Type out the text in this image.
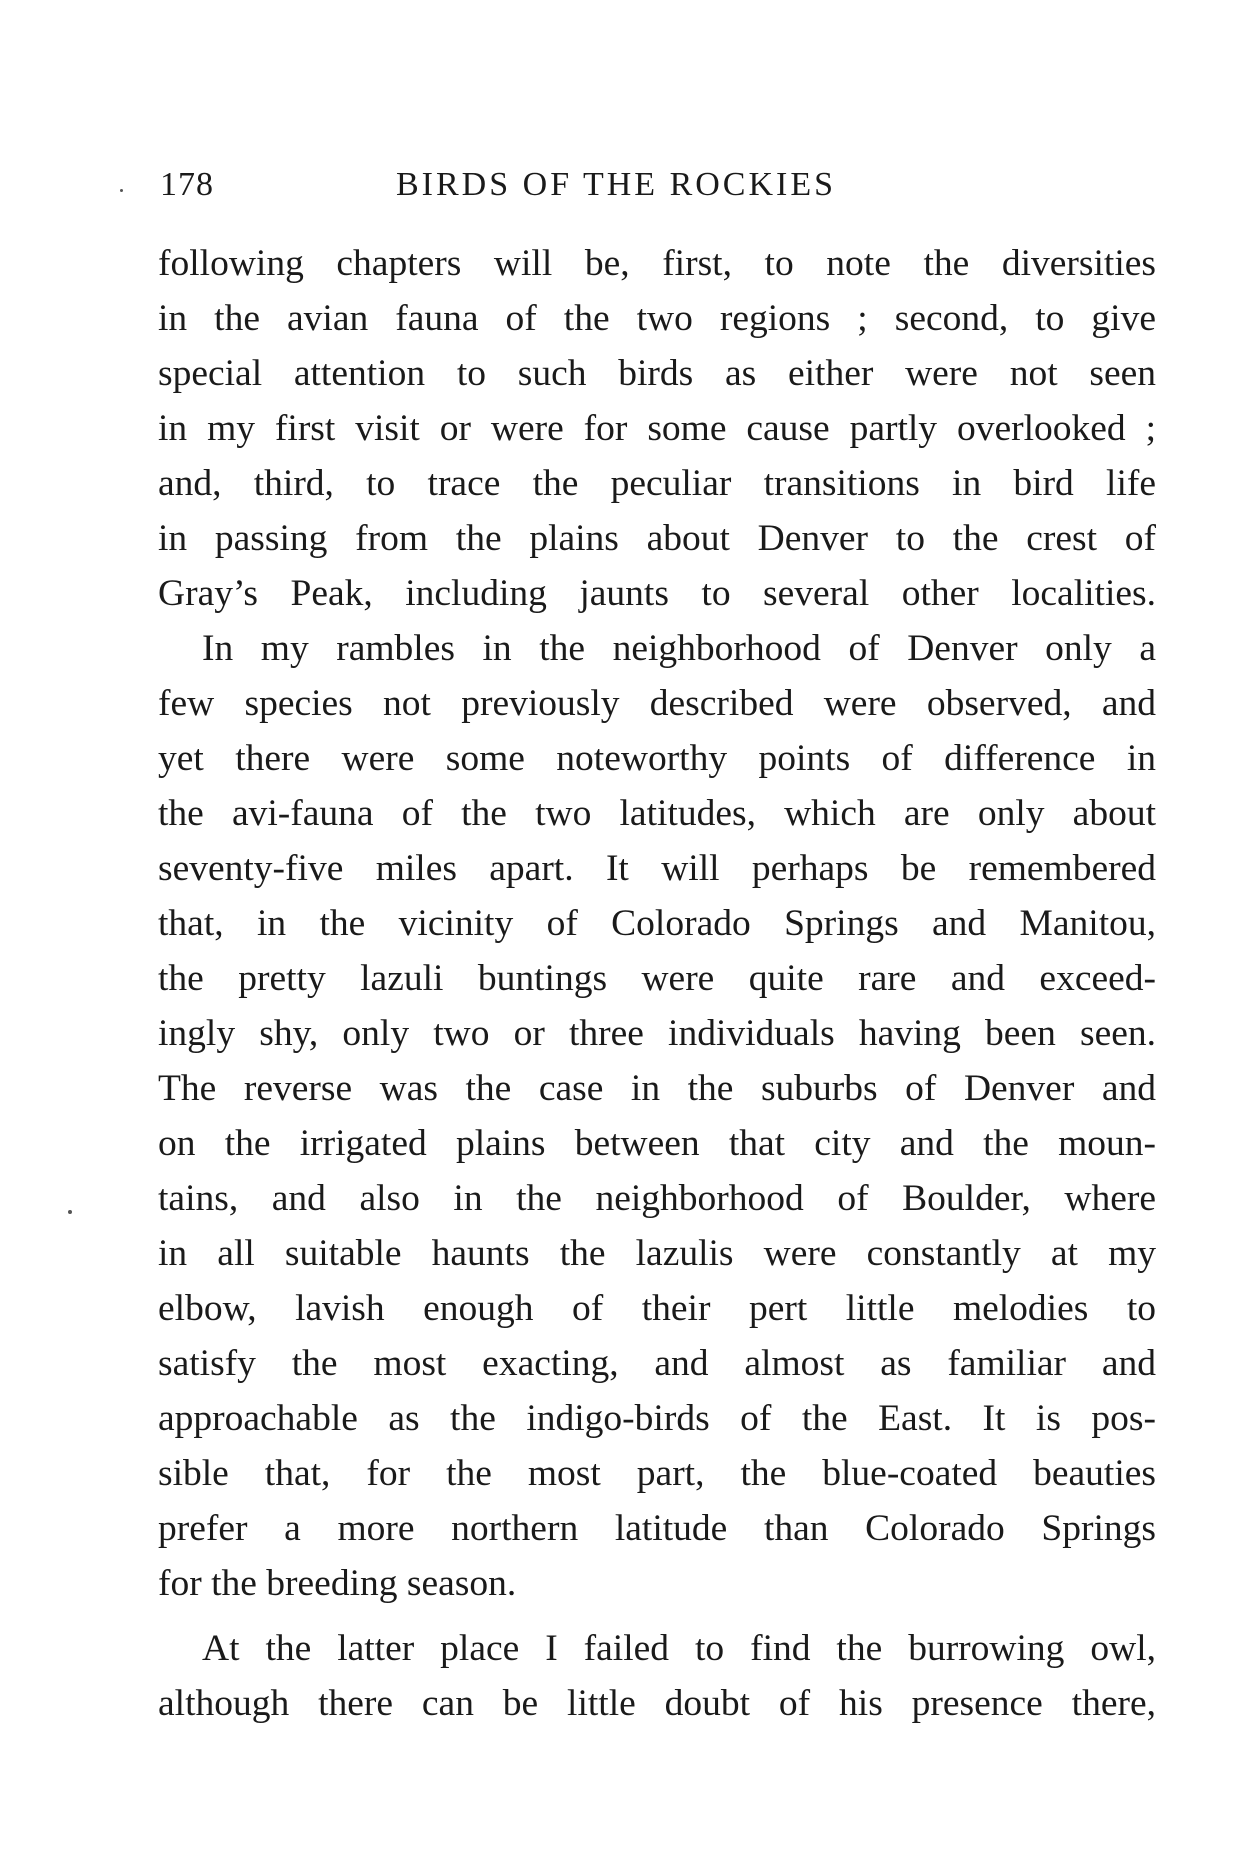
178	BIRDS OF THE ROCKIES
following chapters will be, first, to note the diversities
in the avian fauna of the two regions ; second, to give
special attention to such birds as either were not seen
in my first visit or were for some cause partly overlooked ;
and, third, to trace the peculiar transitions in bird life
in passing from the plains about Denver to the crest of
Gray’s Peak, including jaunts to several other localities.
In my rambles in the neighborhood of Denver only a
few species not previously described were observed, and
yet there were some noteworthy points of difference in
the avi-fauna of the two latitudes, which are only about
seventy-five miles apart. It will perhaps be remembered
that, in the vicinity of Colorado Springs and Manitou,
the pretty lazuli buntings were quite rare and exceed-
ingly shy, only two or three individuals having been seen.
The reverse was the case in the suburbs of Denver and
on the irrigated plains between that city and the moun-
tains, and also in the neighborhood of Boulder, where
in all suitable haunts the lazulis were constantly at my
elbow, lavish enough of their pert little melodies to
satisfy the most exacting, and almost as familiar and
approachable as the indigo-birds of the East. It is pos-
sible that, for the most part, the blue-coated beauties
prefer a more northern latitude than Colorado Springs
for the breeding season.
At the latter place I failed to find the burrowing owl,
although there can be little doubt of his presence there,
